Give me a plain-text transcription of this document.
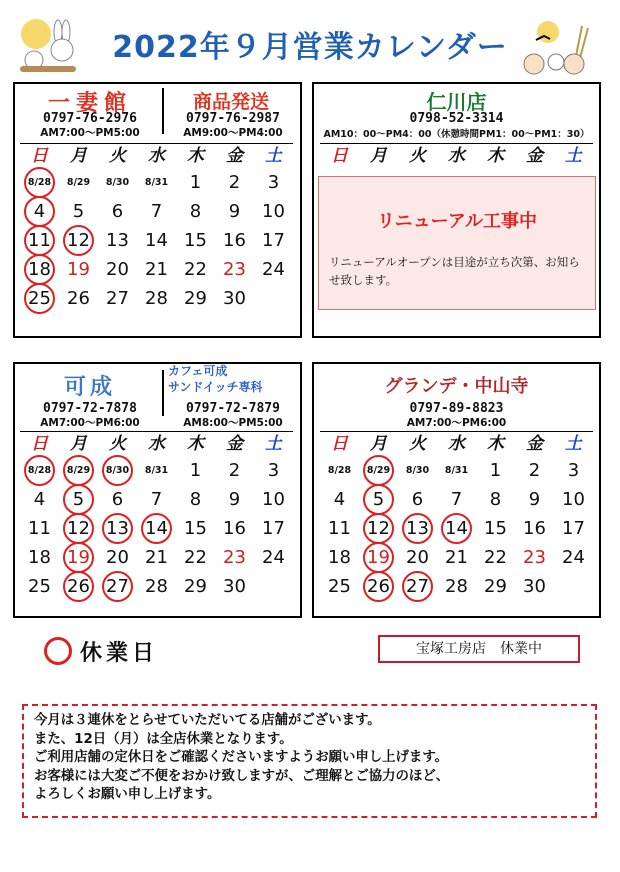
2022年９月営業カレンダー
一妻館	商品発送
0797-76-2976	0797-76-2987
AM7:00～PM5:00	AM9:00～PM4:00
日	月	火	水	木	金	土
8/28	8/29	8/30	8/31	1	2	3
4	5	6	7	8	9	10
11 12 13 14 15 16 17
18 19 20 21 22 23 24
25 26 27 28 29 30
仁川店
0798-52-3314
AM10：00～PM4：00（休憩時間PM1：00～PM1：30）
日	月	火	水	木	金	土
リニューアル工事中
リニューアルオープンは目途が立ち次第、お知らせ致します。
可成
カフェ可成
サンドイッチ専科
0797-72-7878	0797-72-7879
AM7:00～PM6:00	AM8:00～PM5:00
日	月	火	水	木	金	土
8/28	8/29	8/30	8/31	1	2	3
4	5	6	7	8	9	10
11 12 13 14 15 16 17
18 19 20 21 22 23 24
25 26 27 28 29 30
グランデ・中山寺
0797-89-8823
AM7:00～PM6:00
日	月	火	水	木	金	土
8/28	8/29	8/30	8/31	1	2	3
4	5	6	7	8	9	10
11 12 13 14 15 16 17
18 19 20 21 22 23 24
25 26 27 28 29 30
休業日	宝塚工房店　休業中
今月は３連休をとらせていただいてる店舗がございます。
また、12日（月）は全店休業となります。
ご利用店舗の定休日をご確認くださいますようお願い申し上げます。
お客様には大変ご不便をおかけ致しますが、ご理解とご協力のほど、
よろしくお願い申し上げます。
